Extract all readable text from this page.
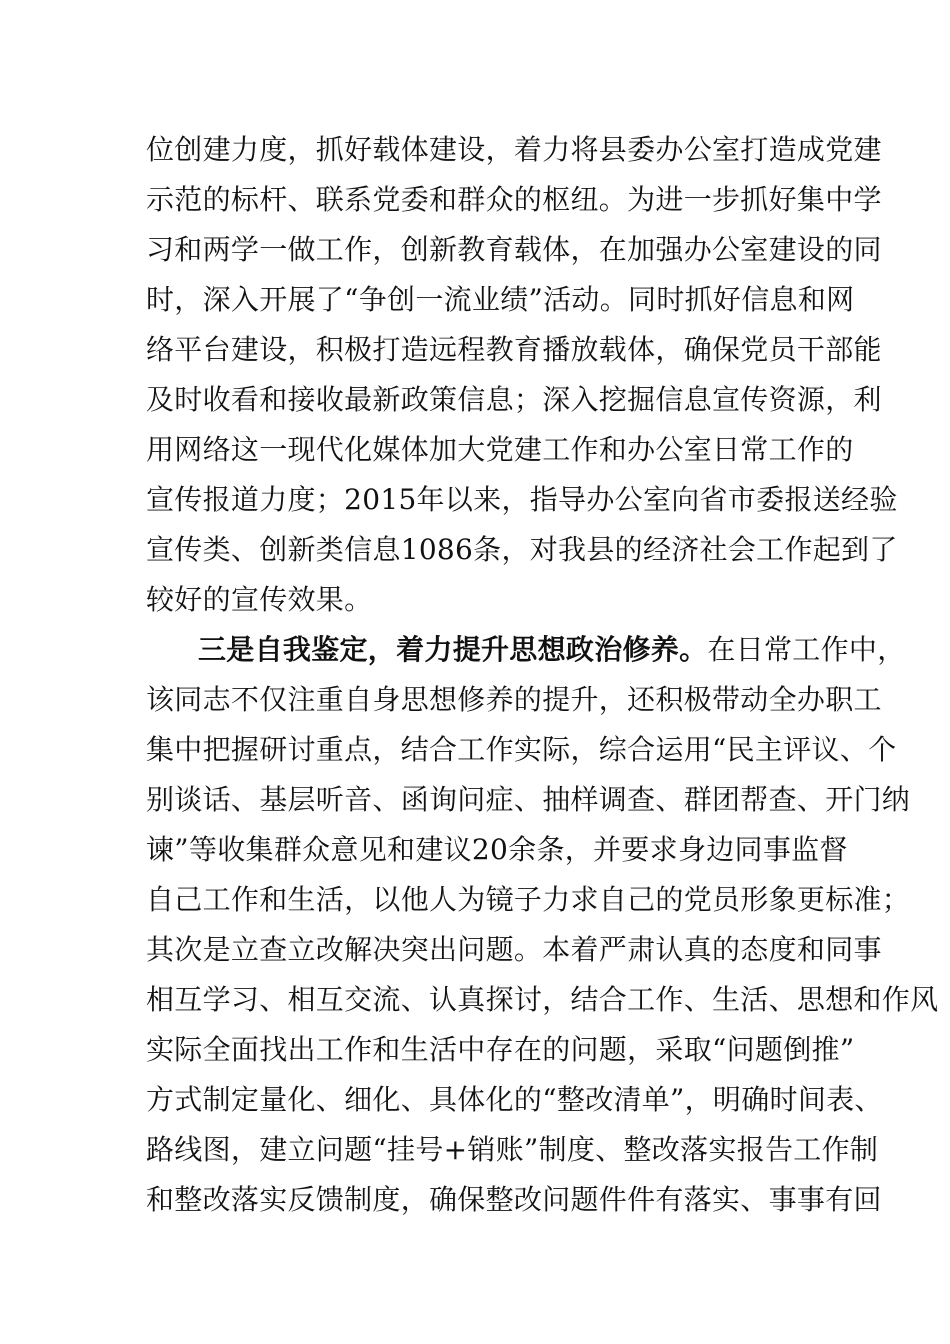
位创建力度，抓好载体建设，着力将县委办公室打造成党建
示范的标杆、联系党委和群众的枢纽。为进一步抓好集中学
习和两学一做工作，创新教育载体，在加强办公室建设的同
时，深入开展了“争创一流业绩”活动。同时抓好信息和网
络平台建设，积极打造远程教育播放载体，确保党员干部能
及时收看和接收最新政策信息；深入挖掘信息宣传资源，利
用网络这一现代化媒体加大党建工作和办公室日常工作的
宣传报道力度；2015年以来，指导办公室向省市委报送经验
宣传类、创新类信息1086条，对我县的经济社会工作起到了
较好的宣传效果。
三是自我鉴定，着力提升思想政治修养。在日常工作中，
该同志不仅注重自身思想修养的提升，还积极带动全办职工
集中把握研讨重点，结合工作实际，综合运用“民主评议、个
别谈话、基层听音、函询问症、抽样调查、群团帮查、开门纳
谏”等收集群众意见和建议20余条，并要求身边同事监督
自己工作和生活，以他人为镜子力求自己的党员形象更标准；
其次是立查立改解决突出问题。本着严肃认真的态度和同事
相互学习、相互交流、认真探讨，结合工作、生活、思想和作风
实际全面找出工作和生活中存在的问题，采取“问题倒推”
方式制定量化、细化、具体化的“整改清单”，明确时间表、
路线图，建立问题“挂号+销账”制度、整改落实报告工作制
和整改落实反馈制度，确保整改问题件件有落实、事事有回
